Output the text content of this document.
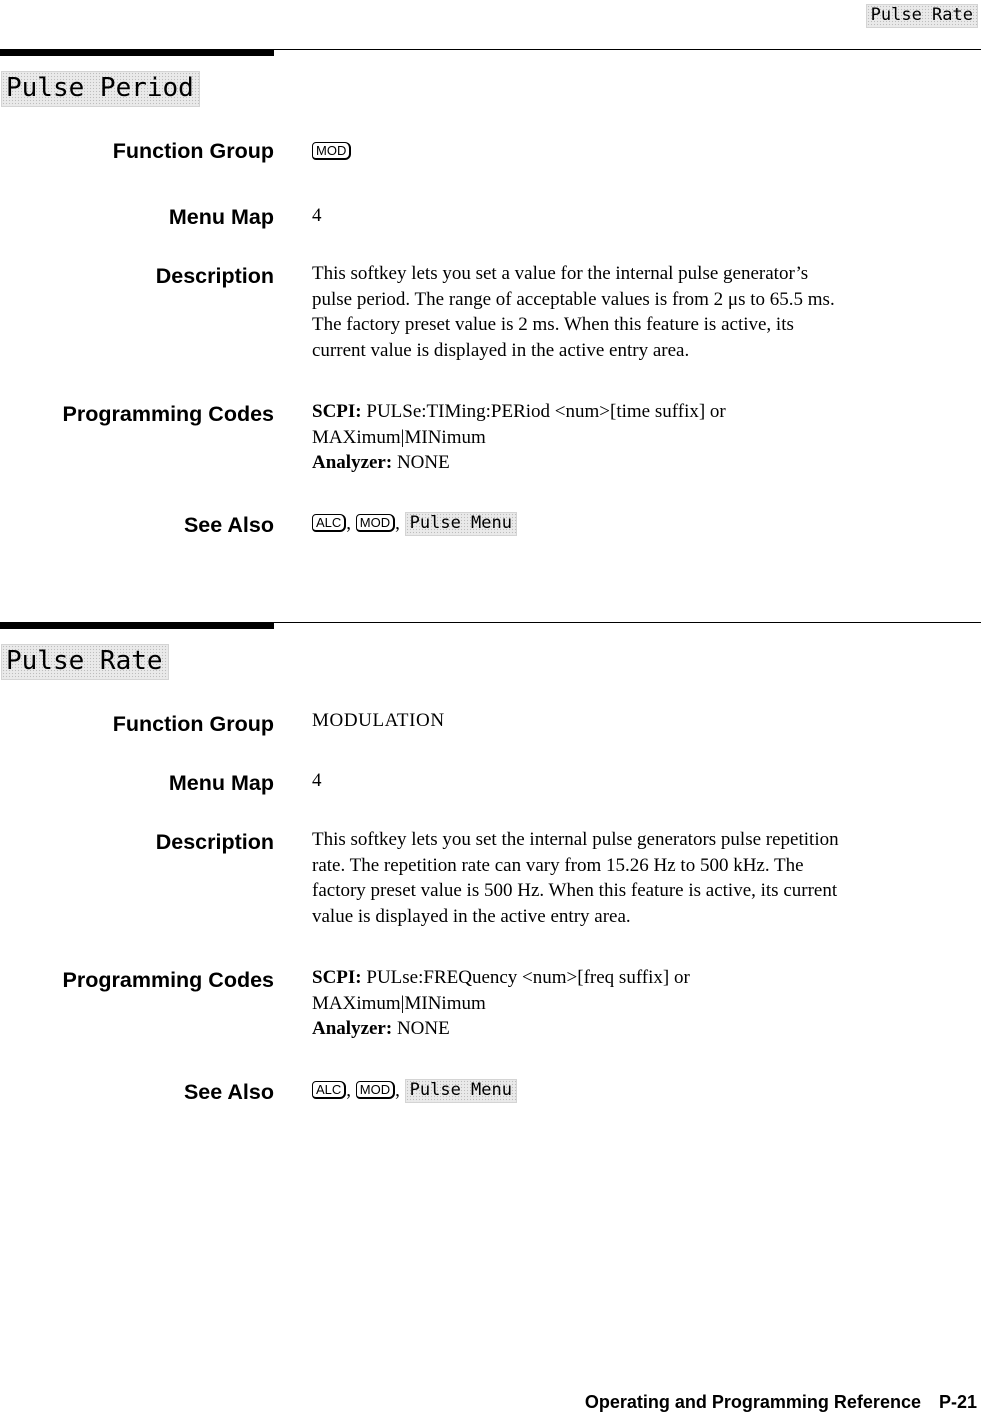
Pulse Rate
Pulse Period
Function Group	MOD
Menu Map 4
Description This softkey lets you set a value for the internal pulse generator’s
pulse period. The range of acceptable values is from 2 μs to 65.5 ms.
The factory preset value is 2 ms. When this feature is active, its
current value is displayed in the active entry area.
Programming Codes SCPI: PULSe:TIMing:PERiod <num>[time suffix] or
MAXimum|MINimum
Analyzer: NONE
See Also	ALC , MOD , Pulse Menu
Pulse Rate
Function Group MODULATION
Menu Map 4
Description This softkey lets you set the internal pulse generators pulse repetition
rate. The repetition rate can vary from 15.26 Hz to 500 kHz. The
factory preset value is 500 Hz. When this feature is active, its current
value is displayed in the active entry area.
Programming Codes SCPI: PULse:FREQuency <num>[freq suffix] or
MAXimum|MINimum
Analyzer: NONE
See Also	ALC , MOD , Pulse Menu
Operating and Programming Reference P-21
